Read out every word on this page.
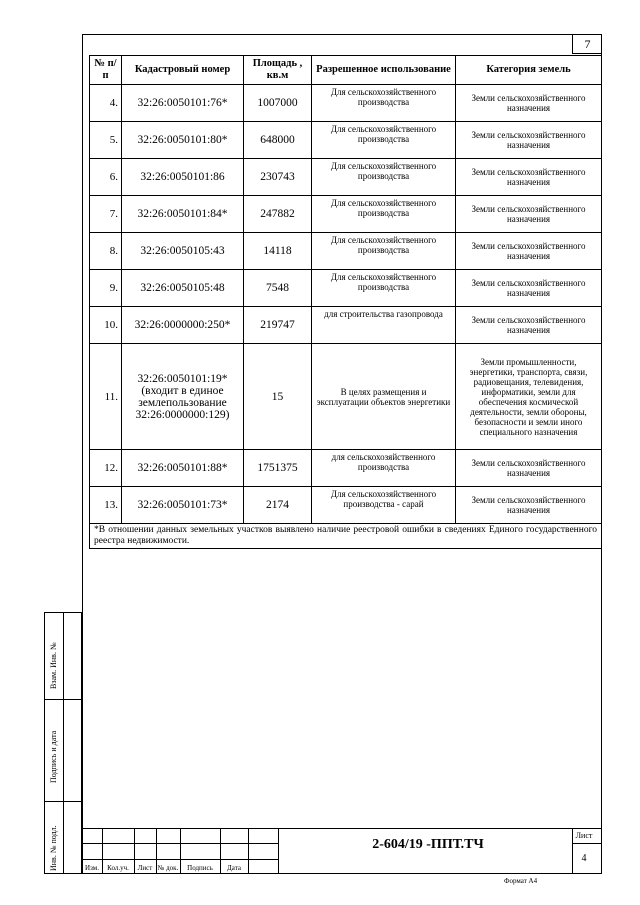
7
№ п/п	Кадастровый номер	Площадь , кв.м	Разрешенное использование	Категория земель
4.	32:26:0050101:76*	1007000	Для сельскохозяйственного производства	Земли сельскохозяйственного назначения
5.	32:26:0050101:80*	648000	Для сельскохозяйственного производства	Земли сельскохозяйственного назначения
6.	32:26:0050101:86	230743	Для сельскохозяйственного производства	Земли сельскохозяйственного назначения
7.	32:26:0050101:84*	247882	Для сельскохозяйственного производства	Земли сельскохозяйственного назначения
8.	32:26:0050105:43	14118	Для сельскохозяйственного производства	Земли сельскохозяйственного назначения
9.	32:26:0050105:48	7548	Для сельскохозяйственного производства	Земли сельскохозяйственного назначения
10.	32:26:0000000:250*	219747	для строительства газопровода	Земли сельскохозяйственного назначения
11.	32:26:0050101:19* (входит в единое землепользование 32:26:0000000:129)	15	В целях размещения и эксплуатации объектов энергетики	Земли промышленности, энергетики, транспорта, связи, радиовещания, телевидения, информатики, земли для обеспечения космической деятельности, земли обороны, безопасности и земли иного специального назначения
12.	32:26:0050101:88*	1751375	для сельскохозяйственного производства	Земли сельскохозяйственного назначения
13.	32:26:0050101:73*	2174	Для сельскохозяйственного производства - сарай	Земли сельскохозяйственного назначения
*В отношении данных земельных участков выявлено наличие реестровой ошибки в сведениях Единого государственного реестра недвижимости.				
Взам. Инв. №
Подпись и дата
Инв. № подл.	Изм.	Кол.уч.	Лист № док.	Подпись	Дата
2-604/19 -ППТ.ТЧ
Лист
4
Формат А4
